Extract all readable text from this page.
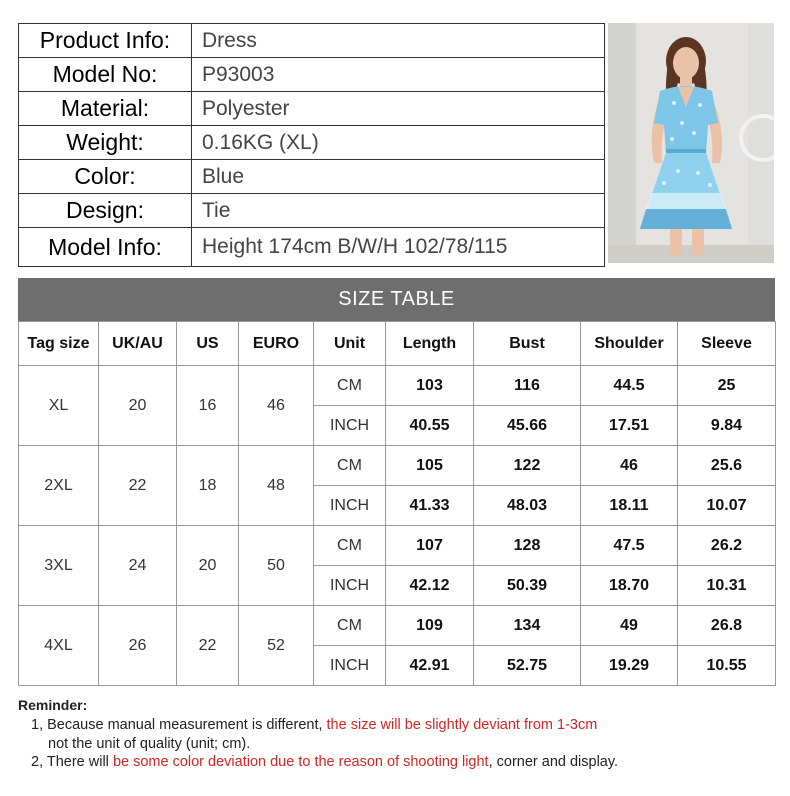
Product Info:	Dress
Model No:	P93003
Material:	Polyester
Weight:	0.16KG (XL)
Color:	Blue
Design:	Tie
Model Info:	Height 174cm B/W/H 102/78/115
SIZE TABLE
Tag size	UK/AU	US	EURO	Unit	Length	Bust	Shoulder	Sleeve
XL	20	16	46	CM	103	116	44.5	25
				INCH	40.55	45.66	17.51	9.84
2XL	22	18	48	CM	105	122	46	25.6
				INCH	41.33	48.03	18.11	10.07
3XL	24	20	50	CM	107	128	47.5	26.2
				INCH	42.12	50.39	18.70	10.31
4XL	26	22	52	CM	109	134	49	26.8
				INCH	42.91	52.75	19.29	10.55
Reminder:
1, Because manual measurement is different, the size will be slightly deviant from 1-3cm
not the unit of quality (unit; cm).
2, There will be some color deviation due to the reason of shooting light, corner and display.
